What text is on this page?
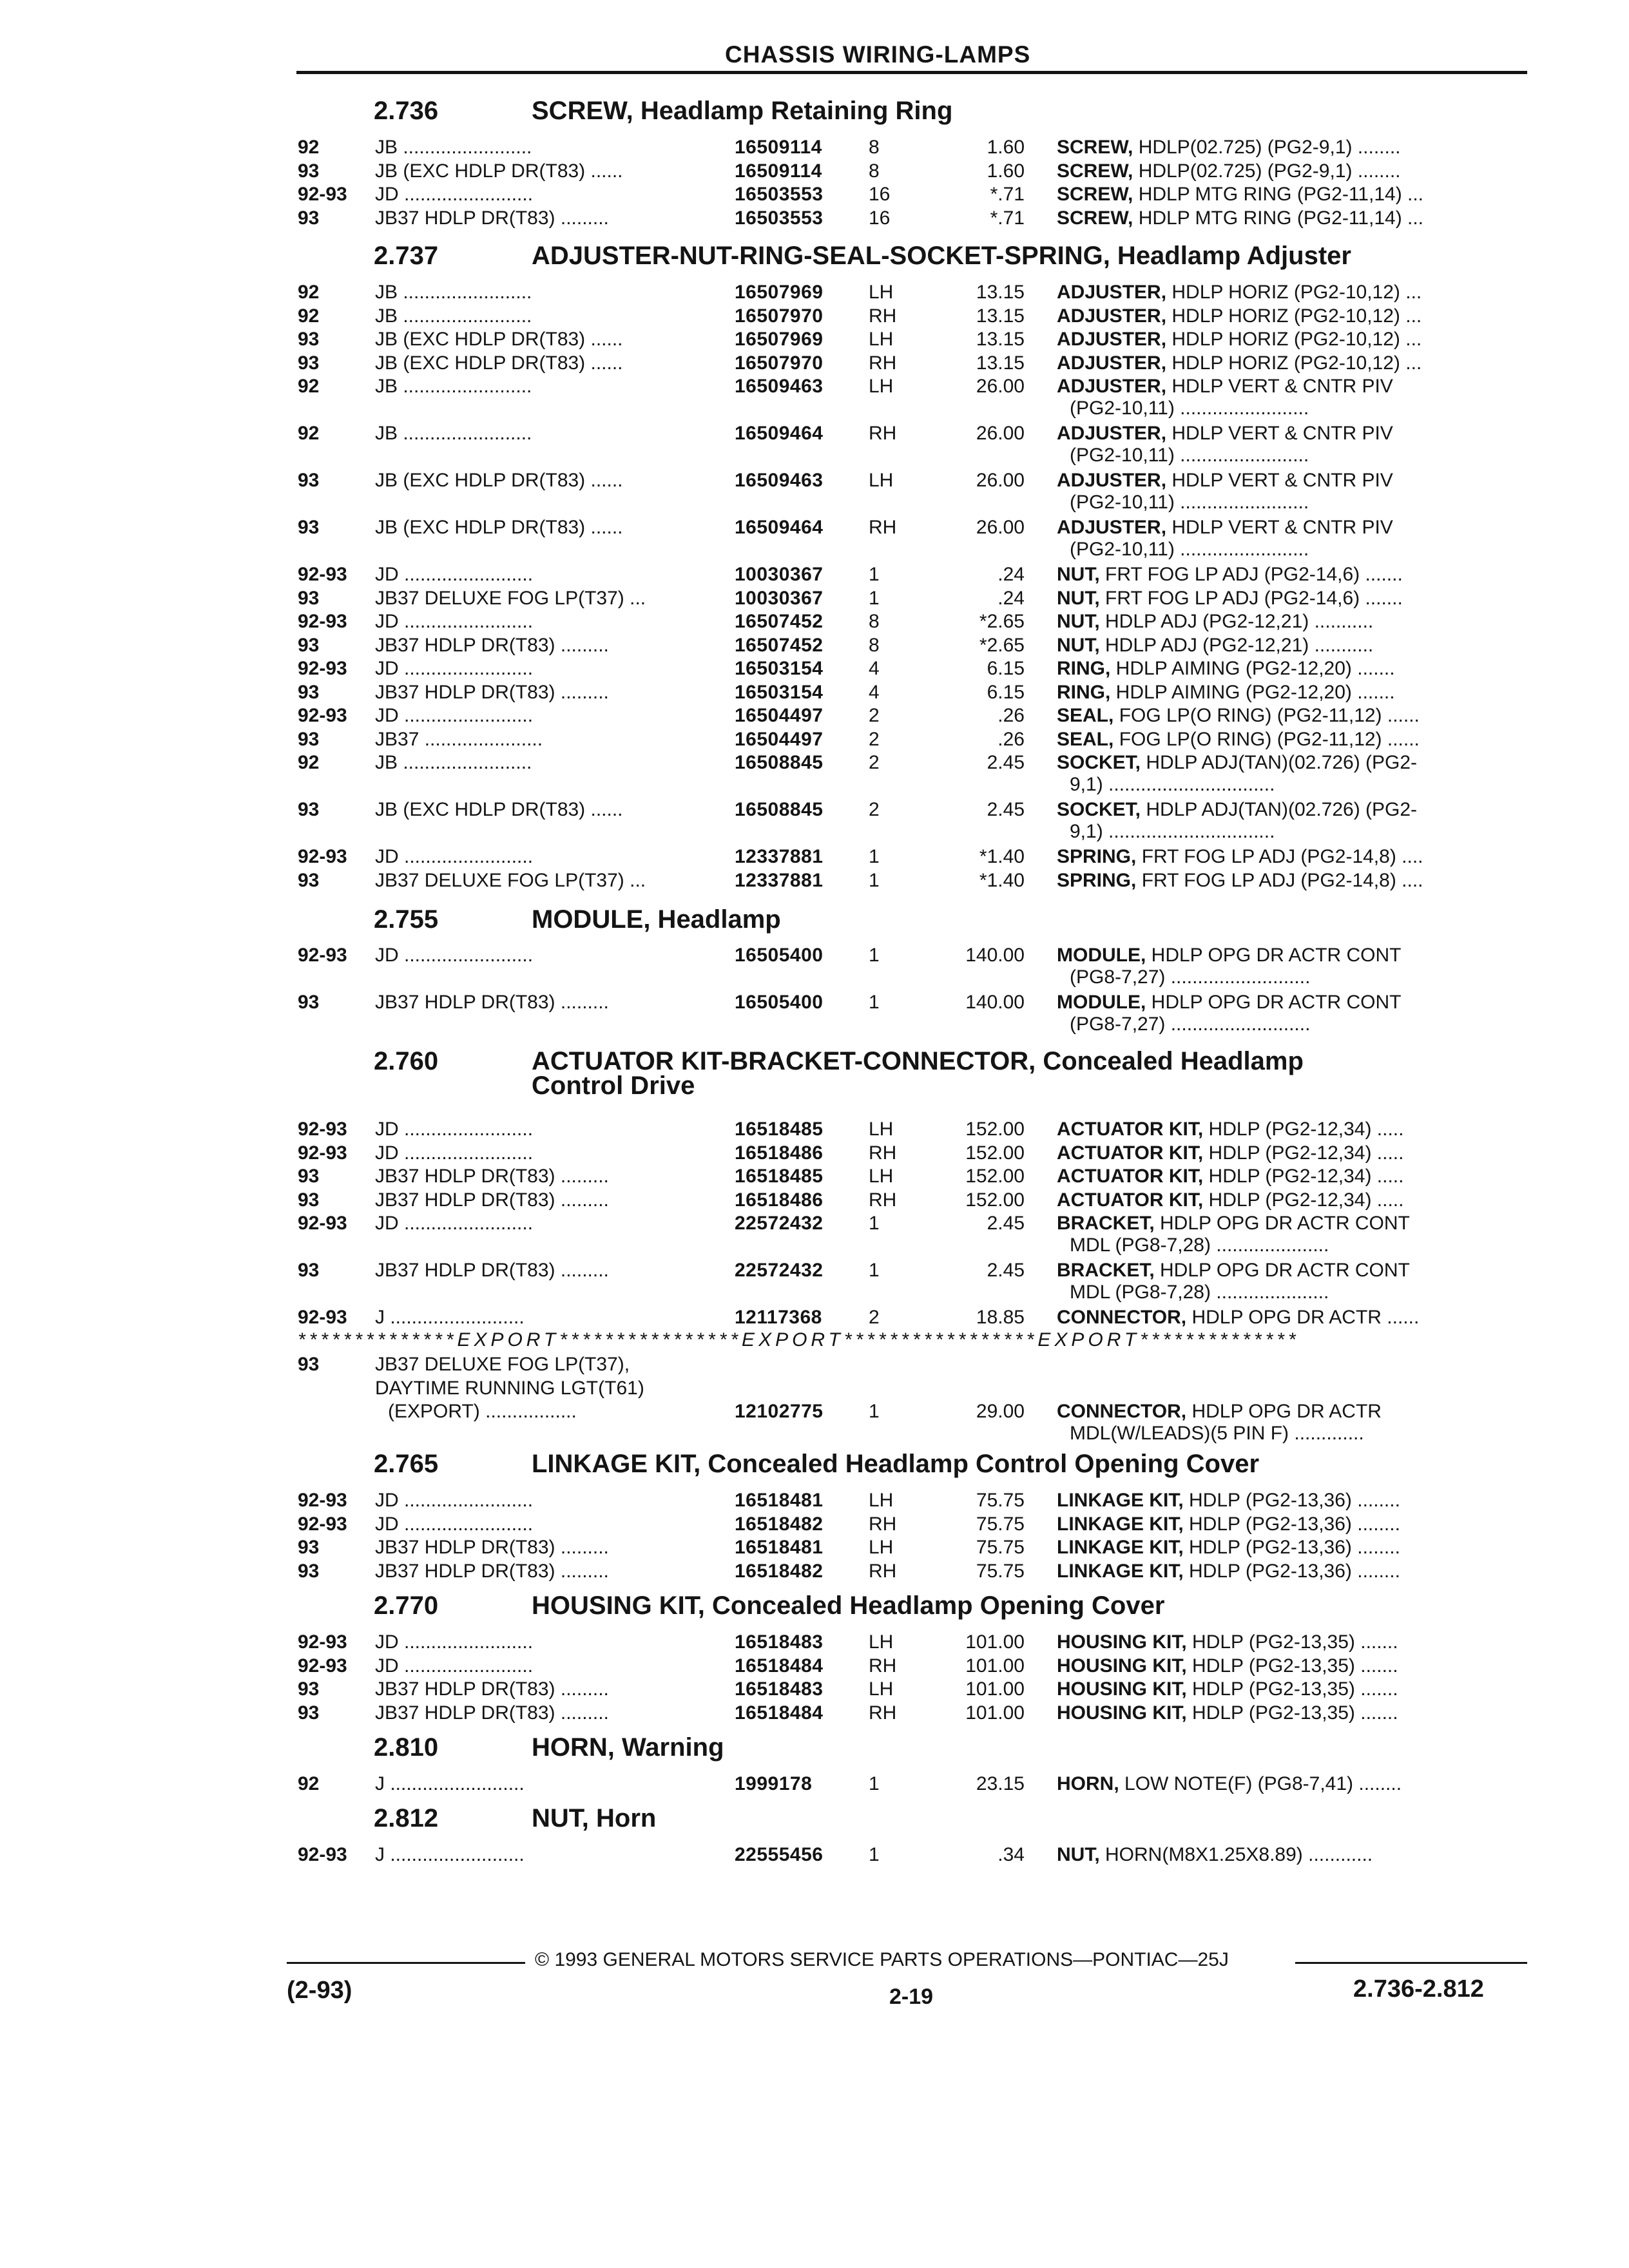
CHASSIS WIRING-LAMPS
2.736	SCREW, Headlamp Retaining Ring
92	JB ........................	16509114 8	1.60 SCREW, HDLP(02.725) (PG2-9,1) ........
93	JB (EXC HDLP DR(T83) ......	16509114 8	1.60 SCREW, HDLP(02.725) (PG2-9,1) ........
92-93 JD ........................	16503553 16	*.71 SCREW, HDLP MTG RING (PG2-11,14) ...
93	JB37 HDLP DR(T83) .........	16503553 16	*.71 SCREW, HDLP MTG RING (PG2-11,14) ...
2.737	ADJUSTER-NUT-RING-SEAL-SOCKET-SPRING, Headlamp Adjuster
92	JB ........................	16507969 LH	13.15 ADJUSTER, HDLP HORIZ (PG2-10,12) ...
92	JB ........................	16507970 RH	13.15 ADJUSTER, HDLP HORIZ (PG2-10,12) ...
93	JB (EXC HDLP DR(T83) ......	16507969 LH	13.15 ADJUSTER, HDLP HORIZ (PG2-10,12) ...
93	JB (EXC HDLP DR(T83) ......	16507970 RH	13.15 ADJUSTER, HDLP HORIZ (PG2-10,12) ...
92	JB ........................	16509463 LH	26.00 ADJUSTER, HDLP VERT & CNTR PIV
(PG2-10,11) ........................
92	JB ........................	16509464 RH	26.00 ADJUSTER, HDLP VERT & CNTR PIV
(PG2-10,11) ........................
93	JB (EXC HDLP DR(T83) ......	16509463 LH	26.00 ADJUSTER, HDLP VERT & CNTR PIV
(PG2-10,11) ........................
93	JB (EXC HDLP DR(T83) ......	16509464 RH	26.00 ADJUSTER, HDLP VERT & CNTR PIV
(PG2-10,11) ........................
92-93 JD ........................	10030367 1	.24 NUT, FRT FOG LP ADJ (PG2-14,6) .......
93	JB37 DELUXE FOG LP(T37) ...	10030367 1	.24 NUT, FRT FOG LP ADJ (PG2-14,6) .......
92-93 JD ........................	16507452 8	*2.65 NUT, HDLP ADJ (PG2-12,21) ...........
93	JB37 HDLP DR(T83) .........	16507452 8	*2.65 NUT, HDLP ADJ (PG2-12,21) ...........
92-93 JD ........................	16503154 4	6.15 RING, HDLP AIMING (PG2-12,20) .......
93	JB37 HDLP DR(T83) .........	16503154 4	6.15 RING, HDLP AIMING (PG2-12,20) .......
92-93 JD ........................	16504497 2	.26 SEAL, FOG LP(O RING) (PG2-11,12) ......
93	JB37 ......................	16504497 2	.26 SEAL, FOG LP(O RING) (PG2-11,12) ......
92	JB ........................	16508845 2	2.45 SOCKET, HDLP ADJ(TAN)(02.726) (PG2-
9,1) ...............................
93	JB (EXC HDLP DR(T83) ......	16508845 2	2.45 SOCKET, HDLP ADJ(TAN)(02.726) (PG2-
9,1) ...............................
92-93 JD ........................	12337881 1	*1.40 SPRING, FRT FOG LP ADJ (PG2-14,8) ....
93	JB37 DELUXE FOG LP(T37) ...	12337881 1	*1.40 SPRING, FRT FOG LP ADJ (PG2-14,8) ....
2.755	MODULE, Headlamp
92-93 JD ........................	16505400 1	140.00 MODULE, HDLP OPG DR ACTR CONT
(PG8-7,27) ..........................
93	JB37 HDLP DR(T83) .........	16505400 1	140.00 MODULE, HDLP OPG DR ACTR CONT
(PG8-7,27) ..........................
2.760	ACTUATOR KIT-BRACKET-CONNECTOR, Concealed Headlamp
Control Drive
92-93 JD ........................	16518485 LH	152.00 ACTUATOR KIT, HDLP (PG2-12,34) .....
92-93 JD ........................	16518486 RH	152.00 ACTUATOR KIT, HDLP (PG2-12,34) .....
93	JB37 HDLP DR(T83) .........	16518485 LH	152.00 ACTUATOR KIT, HDLP (PG2-12,34) .....
93	JB37 HDLP DR(T83) .........	16518486 RH	152.00 ACTUATOR KIT, HDLP (PG2-12,34) .....
92-93 JD ........................	22572432 1	2.45 BRACKET, HDLP OPG DR ACTR CONT
MDL (PG8-7,28) .....................
93	JB37 HDLP DR(T83) .........	22572432 1	2.45 BRACKET, HDLP OPG DR ACTR CONT
MDL (PG8-7,28) .....................
92-93 J .........................	12117368 2	18.85 CONNECTOR, HDLP OPG DR ACTR ......
**************EXPORT****************EXPORT*****************EXPORT**************
93	JB37 DELUXE FOG LP(T37),
DAYTIME RUNNING LGT(T61)
(EXPORT) .................	12102775 1	29.00 CONNECTOR, HDLP OPG DR ACTR
MDL(W/LEADS)(5 PIN F) .............
2.765	LINKAGE KIT, Concealed Headlamp Control Opening Cover
92-93 JD ........................	16518481 LH	75.75 LINKAGE KIT, HDLP (PG2-13,36) ........
92-93 JD ........................	16518482 RH	75.75 LINKAGE KIT, HDLP (PG2-13,36) ........
93	JB37 HDLP DR(T83) .........	16518481 LH	75.75 LINKAGE KIT, HDLP (PG2-13,36) ........
93	JB37 HDLP DR(T83) .........	16518482 RH	75.75 LINKAGE KIT, HDLP (PG2-13,36) ........
2.770	HOUSING KIT, Concealed Headlamp Opening Cover
92-93 JD ........................	16518483 LH	101.00 HOUSING KIT, HDLP (PG2-13,35) .......
92-93 JD ........................	16518484 RH	101.00 HOUSING KIT, HDLP (PG2-13,35) .......
93	JB37 HDLP DR(T83) .........	16518483 LH	101.00 HOUSING KIT, HDLP (PG2-13,35) .......
93	JB37 HDLP DR(T83) .........	16518484 RH	101.00 HOUSING KIT, HDLP (PG2-13,35) .......
2.810	HORN, Warning
92	J .........................	1999178	1	23.15 HORN, LOW NOTE(F) (PG8-7,41) ........
2.812	NUT, Horn
92-93 J .........................	22555456 1	.34 NUT, HORN(M8X1.25X8.89) ............
© 1993 GENERAL MOTORS SERVICE PARTS OPERATIONS—PONTIAC—25J
(2-93)	2-19	2.736-2.812
